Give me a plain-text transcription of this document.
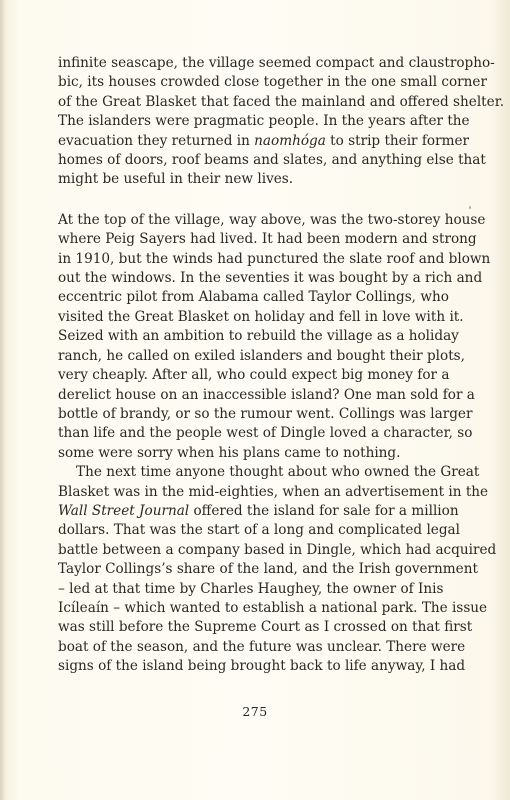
infinite seascape, the village seemed compact and claustropho-
bic, its houses crowded close together in the one small corner
of the Great Blasket that faced the mainland and offered shelter.
The islanders were pragmatic people. In the years after the
evacuation they returned in naomhóga to strip their former
homes of doors, roof beams and slates, and anything else that
might be useful in their new lives.

At the top of the village, way above, was the two-storey house
where Peig Sayers had lived. It had been modern and strong
in 1910, but the winds had punctured the slate roof and blown
out the windows. In the seventies it was bought by a rich and
eccentric pilot from Alabama called Taylor Collings, who
visited the Great Blasket on holiday and fell in love with it.
Seized with an ambition to rebuild the village as a holiday
ranch, he called on exiled islanders and bought their plots,
very cheaply. After all, who could expect big money for a
derelict house on an inaccessible island? One man sold for a
bottle of brandy, or so the rumour went. Collings was larger
than life and the people west of Dingle loved a character, so
some were sorry when his plans came to nothing.

The next time anyone thought about who owned the Great
Blasket was in the mid-eighties, when an advertisement in the
Wall Street Journal offered the island for sale for a million
dollars. That was the start of a long and complicated legal
battle between a company based in Dingle, which had acquired
Taylor Collings’s share of the land, and the Irish government
– led at that time by Charles Haughey, the owner of Inis
Icíleaín – which wanted to establish a national park. The issue
was still before the Supreme Court as I crossed on that first
boat of the season, and the future was unclear. There were
signs of the island being brought back to life anyway, I had

275
